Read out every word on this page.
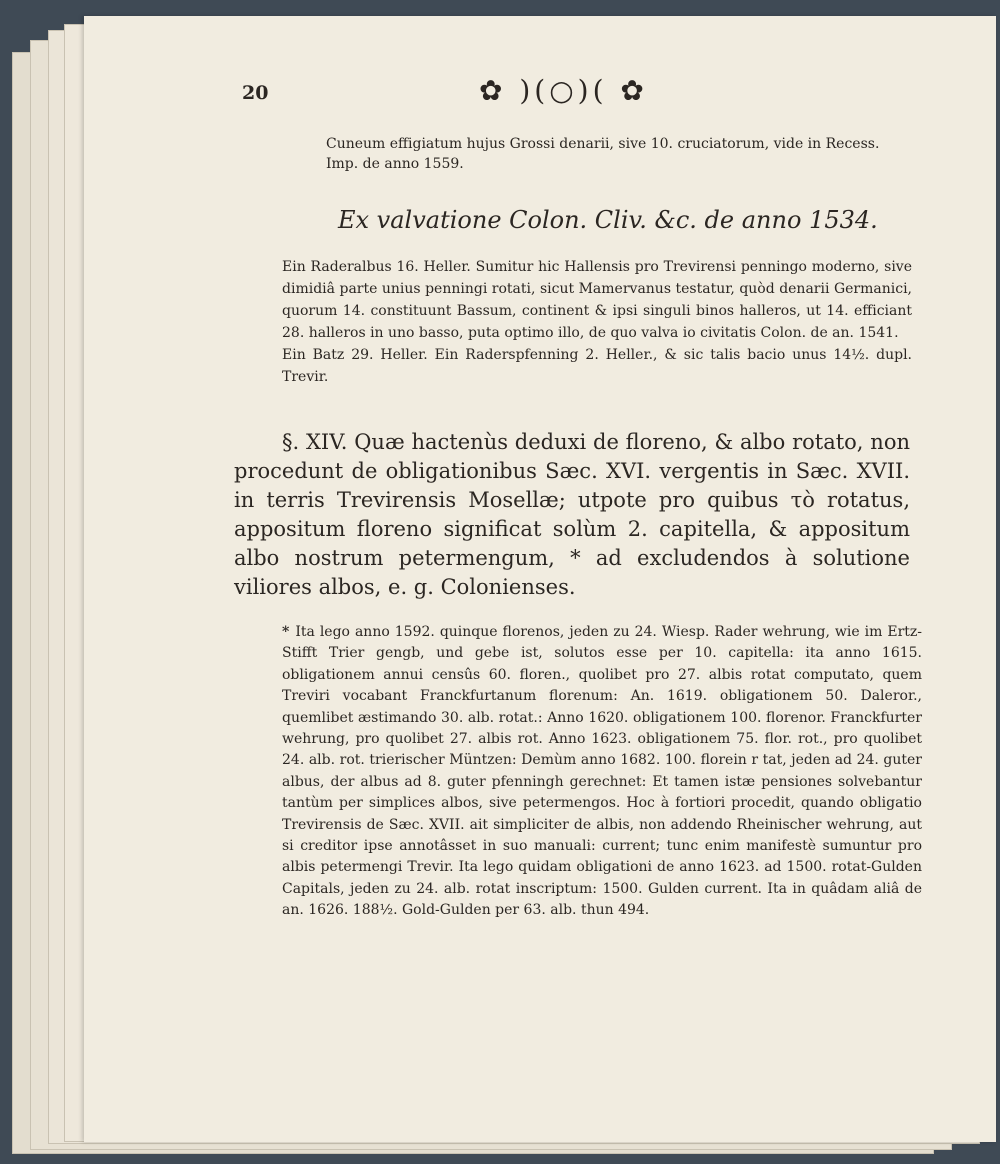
20	✿ )(○)( ✿
Cuneum effigiatum hujus Grossi denarii, sive 10. cruciatorum, vide in Recess. Imp. de anno 1559.
Ex valvatione Colon. Cliv. &c. de anno 1534.
Ein Raderalbus 16. Heller. Sumitur hic Hallensis pro Trevirensi penningo moderno, sive dimidiâ parte unius penningi rotati, sicut Mamervanus testatur, quòd denarii Germanici, quorum 14. constituunt Bassum, continent & ipsi singuli binos halleros, ut 14. efficiant 28. halleros in uno basso, puta optimo illo, de quo valva io civitatis Colon. de an. 1541.
Ein Batz 29. Heller. Ein Raderspfenning 2. Heller., & sic talis bacio unus 14½. dupl. Trevir.
§. XIV. Quæ hactenùs deduxi de floreno, & albo rotato, non procedunt de obligationibus Sæc. XVI. vergentis in Sæc. XVII. in terris Trevirensis Mosellæ; utpote pro quibus τὸ rotatus, appositum floreno significat solùm 2. capitella, & appositum albo nostrum petermengum, * ad excludendos à solutione viliores albos, e. g. Colonienses.
* Ita lego anno 1592. quinque florenos, jeden zu 24. Wiesp. Rader wehrung, wie im Ertz-Stifft Trier gengb, und gebe ist, solutos esse per 10. capitella: ita anno 1615. obligationem annui censûs 60. floren., quolibet pro 27. albis rotat computato, quem Treviri vocabant Franckfurtanum florenum: An. 1619. obligationem 50. Daleror., quemlibet æstimando 30. alb. rotat.: Anno 1620. obligationem 100. florenor. Franckfurter wehrung, pro quolibet 27. albis rot. Anno 1623. obligationem 75. flor. rot., pro quolibet 24. alb. rot. trierischer Müntzen: Demùm anno 1682. 100. florein r tat, jeden ad 24. guter albus, der albus ad 8. guter pfenningh gerechnet: Et tamen istæ pensiones solvebantur tantùm per simplices albos, sive petermengos. Hoc à fortiori procedit, quando obligatio Trevirensis de Sæc. XVII. ait simpliciter de albis, non addendo Rheinischer wehrung, aut si creditor ipse annotâsset in suo manuali: current; tunc enim manifestè sumuntur pro albis petermengi Trevir. Ita lego quidam obligationi de anno 1623. ad 1500. rotat-Gulden Capitals, jeden zu 24. alb. rotat inscriptum: 1500. Gulden current. Ita in quâdam aliâ de an. 1626. 188½. Gold-Gulden per 63. alb. thun 494.
